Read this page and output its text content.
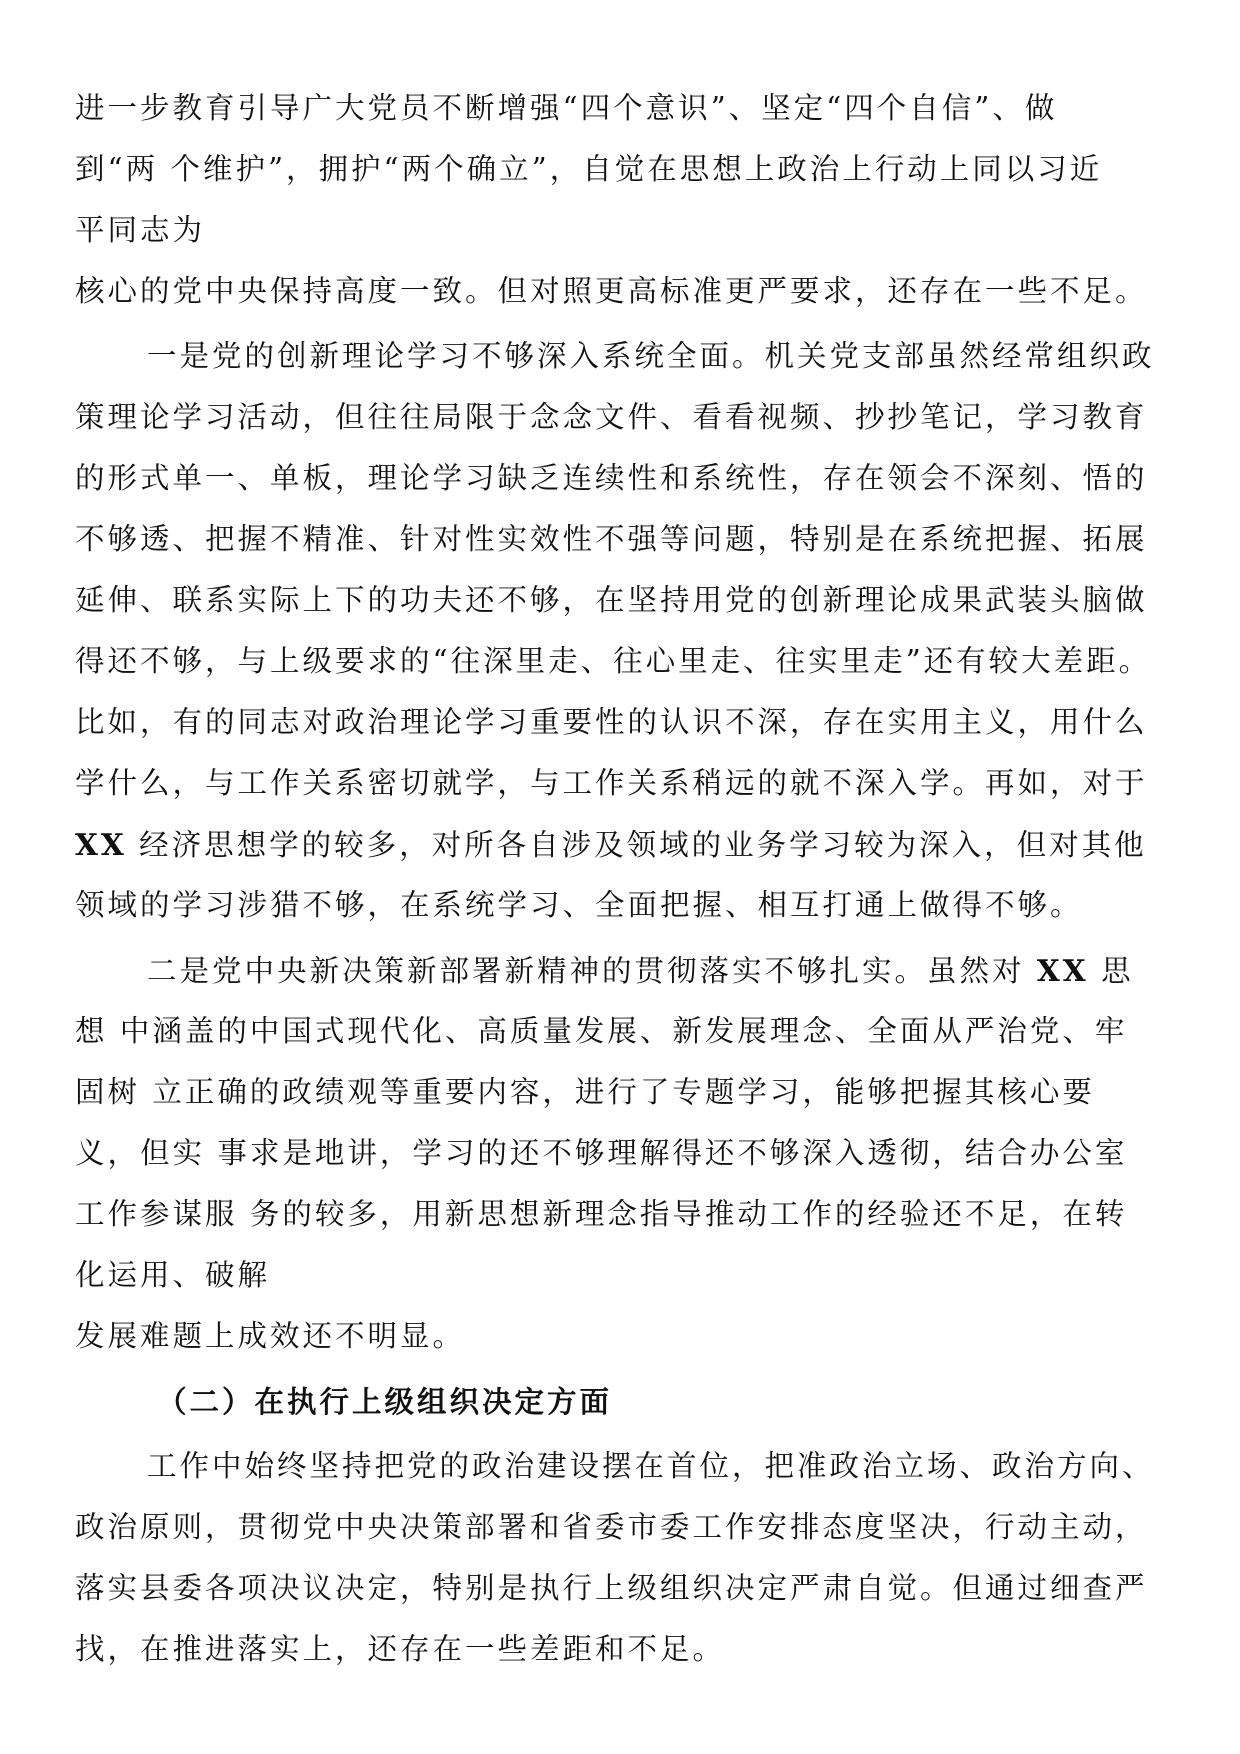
进一步教育引导广大党员不断增强“四个意识”、坚定“四个自信”、做
到“两 个维护”，拥护“两个确立”，自觉在思想上政治上行动上同以习近
平同志为
核心的党中央保持高度一致。但对照更高标准更严要求，还存在一些不足。
一是党的创新理论学习不够深入系统全面。机关党支部虽然经常组织政
策理论学习活动，但往往局限于念念文件、看看视频、抄抄笔记，学习教育
的形式单一、单板，理论学习缺乏连续性和系统性，存在领会不深刻、悟的
不够透、把握不精准、针对性实效性不强等问题，特别是在系统把握、拓展
延伸、联系实际上下的功夫还不够，在坚持用党的创新理论成果武装头脑做
得还不够，与上级要求的“往深里走、往心里走、往实里走”还有较大差距。
比如，有的同志对政治理论学习重要性的认识不深，存在实用主义，用什么
学什么，与工作关系密切就学，与工作关系稍远的就不深入学。再如，对于
XX 经济思想学的较多，对所各自涉及领域的业务学习较为深入，但对其他
领域的学习涉猎不够，在系统学习、全面把握、相互打通上做得不够。
二是党中央新决策新部署新精神的贯彻落实不够扎实。虽然对 XX 思
想 中涵盖的中国式现代化、高质量发展、新发展理念、全面从严治党、牢
固树 立正确的政绩观等重要内容，进行了专题学习，能够把握其核心要
义，但实 事求是地讲，学习的还不够理解得还不够深入透彻，结合办公室
工作参谋服 务的较多，用新思想新理念指导推动工作的经验还不足，在转
化运用、破解
发展难题上成效还不明显。
（二）在执行上级组织决定方面
工作中始终坚持把党的政治建设摆在首位，把准政治立场、政治方向、
政治原则，贯彻党中央决策部署和省委市委工作安排态度坚决，行动主动，
落实县委各项决议决定，特别是执行上级组织决定严肃自觉。但通过细查严
找，在推进落实上，还存在一些差距和不足。
